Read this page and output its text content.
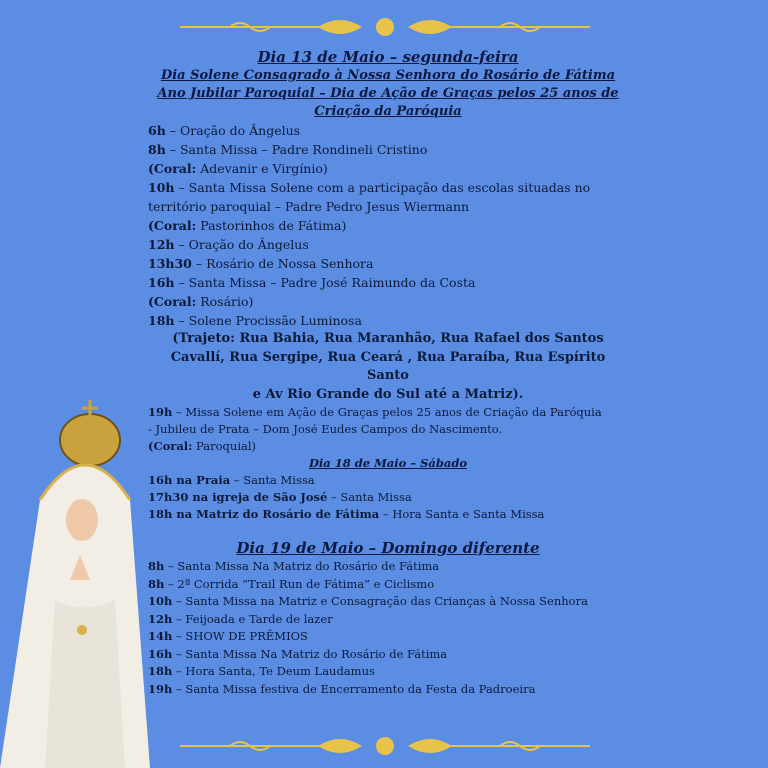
Dia 13 de Maio – segunda-feira
Dia Solene Consagrado à Nossa Senhora do Rosário de Fátima
Ano Jubilar Paroquial – Dia de Ação de Graças pelos 25 anos de
Criação da Paróquia
6h – Oração do Ângelus
8h – Santa Missa – Padre Rondineli Cristino
(Coral: Adevanir e Virgínio)
10h – Santa Missa Solene com a participação das escolas situadas no
território paroquial – Padre Pedro Jesus Wiermann
(Coral: Pastorinhos de Fátima)
12h – Oração do Ângelus
13h30 – Rosário de Nossa Senhora
16h – Santa Missa – Padre José Raimundo da Costa
(Coral: Rosário)
18h – Solene Procissão Luminosa
(Trajeto: Rua Bahia, Rua Maranhão, Rua Rafael dos Santos
Cavallí, Rua Sergipe, Rua Ceará , Rua Paraíba, Rua Espírito Santo
e Av Rio Grande do Sul até a Matriz).
19h – Missa Solene em Ação de Graças pelos 25 anos de Criação da Paróquia
- Jubileu de Prata – Dom José Eudes Campos do Nascimento.
(Coral: Paroquial)
Dia 18 de Maio – Sábado
16h na Praia – Santa Missa
17h30 na igreja de São José – Santa Missa
18h na Matriz do Rosário de Fátima – Hora Santa e Santa Missa
Dia 19 de Maio – Domingo diferente
8h – Santa Missa Na Matriz do Rosário de Fátima
8h – 2ª Corrida “Trail Run de Fátima” e Ciclismo
10h – Santa Missa na Matriz e Consagração das Crianças à Nossa Senhora
12h – Feijoada e Tarde de lazer
14h – SHOW DE PRÊMIOS
16h – Santa Missa Na Matriz do Rosário de Fátima
18h – Hora Santa, Te Deum Laudamus
19h – Santa Missa festiva de Encerramento da Festa da Padroeira
